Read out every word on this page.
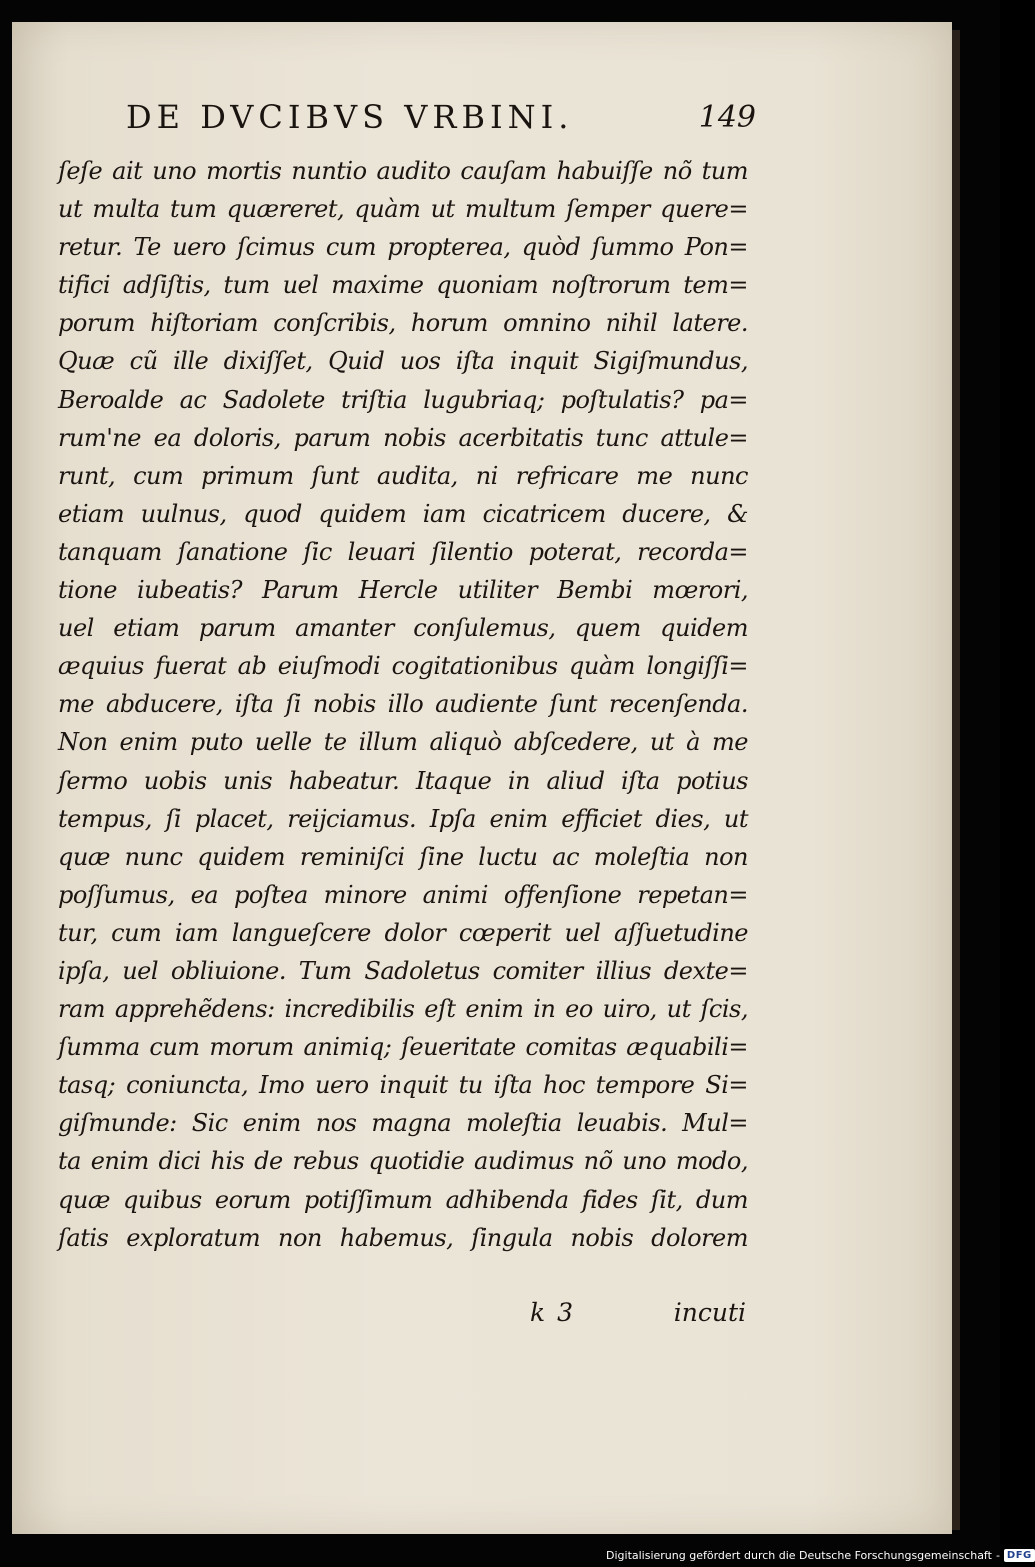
DE DVCIBVS VRBINI.	149
ſeſe ait uno mortis nuntio audito cauſam habuiſſe nõ tum
ut multa tum quæreret, quàm ut multum ſemper quere=
retur. Te uero ſcimus cum propterea, quòd ſummo Pon=
tifici adſiſtis, tum uel maxime quoniam noſtrorum tem=
porum hiſtoriam conſcribis, horum omnino nihil latere.
Quæ cũ ille dixiſſet, Quid uos iſta inquit Sigiſmundus,
Beroalde ac Sadolete triſtia lugubriaq; poſtulatis? pa=
rum'ne ea doloris, parum nobis acerbitatis tunc attule=
runt, cum primum ſunt audita, ni refricare me nunc
etiam uulnus, quod quidem iam cicatricem ducere, &
tanquam ſanatione ſic leuari ſilentio poterat, recorda=
tione iubeatis? Parum Hercle utiliter Bembi mœrori,
uel etiam parum amanter conſulemus, quem quidem
æquius fuerat ab eiuſmodi cogitationibus quàm longiſſi=
me abducere, iſta ſi nobis illo audiente ſunt recenſenda.
Non enim puto uelle te illum aliquò abſcedere, ut à me
ſermo uobis unis habeatur. Itaque in aliud iſta potius
tempus, ſi placet, reijciamus. Ipſa enim efficiet dies, ut
quæ nunc quidem reminiſci ſine luctu ac moleſtia non
poſſumus, ea poſtea minore animi offenſione repetan=
tur, cum iam langueſcere dolor cœperit uel aſſuetudine
ipſa, uel obliuione. Tum Sadoletus comiter illius dexte=
ram apprehẽdens: incredibilis eſt enim in eo uiro, ut ſcis,
ſumma cum morum animiq; ſeueritate comitas æquabili=
tasq; coniuncta, Imo uero inquit tu iſta hoc tempore Si=
giſmunde: Sic enim nos magna moleſtia leuabis. Mul=
ta enim dici his de rebus quotidie audimus nõ uno modo,
quæ quibus eorum potiſſimum adhibenda fides ſit, dum
ſatis exploratum non habemus, ſingula nobis dolorem
k 3	incuti
Digitalisierung gefördert durch die Deutsche Forschungsgemeinschaft - DFG
